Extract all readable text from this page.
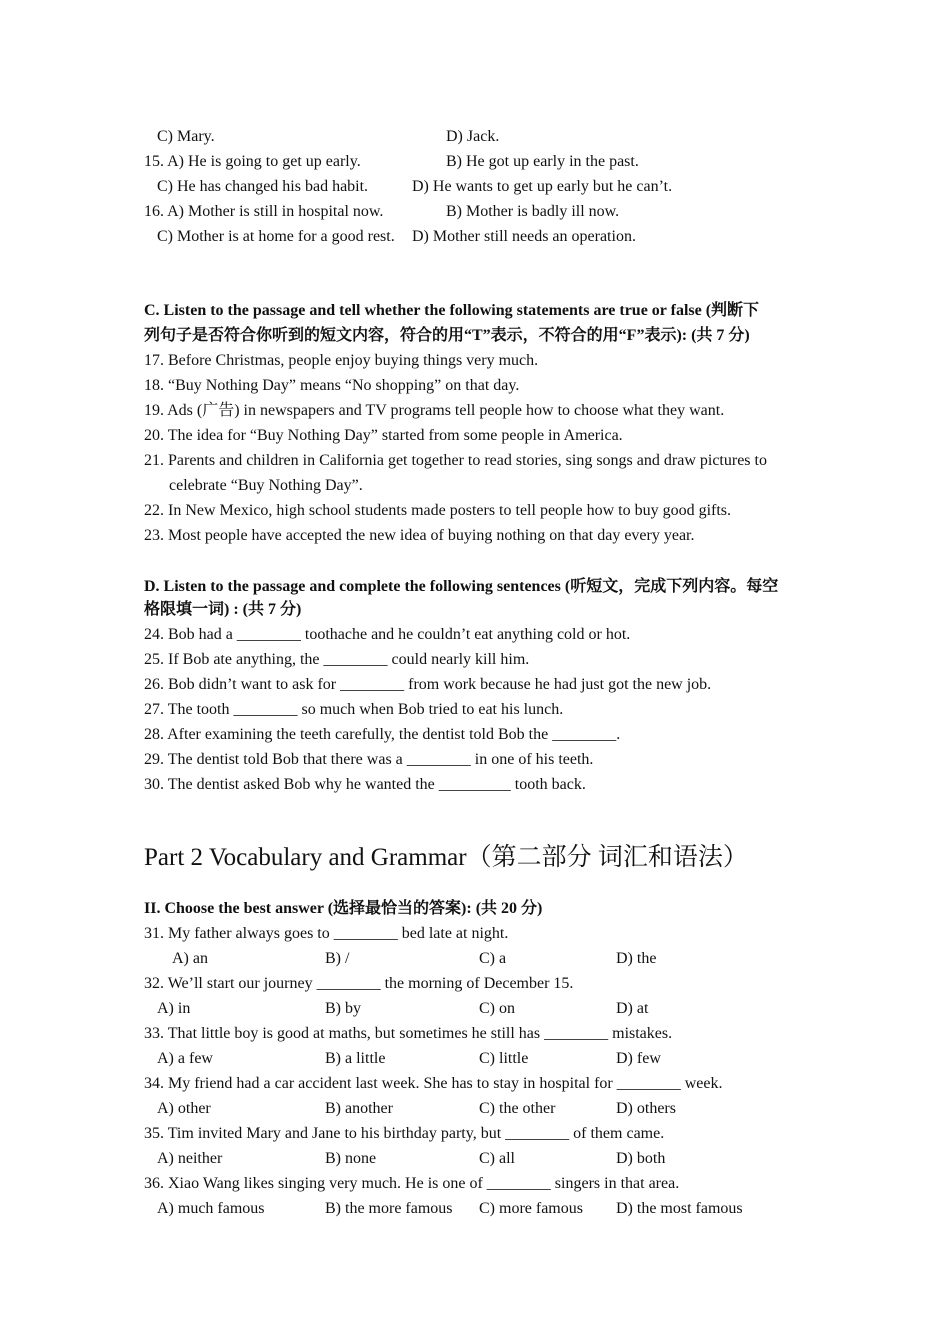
C) Mary.	D) Jack.
15. A) He is going to get up early.	B) He got up early in the past.
C) He has changed his bad habit.	D) He wants to get up early but he can’t.
16. A) Mother is still in hospital now.	B) Mother is badly ill now.
C) Mother is at home for a good rest. D) Mother still needs an operation.
C. Listen to the passage and tell whether the following statements are true or false (判断下
列句子是否符合你听到的短文内容，符合的用“T”表示，不符合的用“F”表示): (共 7 分)
17. Before Christmas, people enjoy buying things very much.
18. “Buy Nothing Day” means “No shopping” on that day.
19. Ads (广告) in newspapers and TV programs tell people how to choose what they want.
20. The idea for “Buy Nothing Day” started from some people in America.
21. Parents and children in California get together to read stories, sing songs and draw pictures to
celebrate “Buy Nothing Day”.
22. In New Mexico, high school students made posters to tell people how to buy good gifts.
23. Most people have accepted the new idea of buying nothing on that day every year.
D. Listen to the passage and complete the following sentences (听短文，完成下列内容。每空
格限填一词) : (共 7 分)
24. Bob had a ________ toothache and he couldn’t eat anything cold or hot.
25. If Bob ate anything, the ________ could nearly kill him.
26. Bob didn’t want to ask for ________ from work because he had just got the new job.
27. The tooth ________ so much when Bob tried to eat his lunch.
28. After examining the teeth carefully, the dentist told Bob the ________.
29. The dentist told Bob that there was a ________ in one of his teeth.
30. The dentist asked Bob why he wanted the _________ tooth back.
Part 2 Vocabulary and Grammar（第二部分 词汇和语法）
II. Choose the best answer (选择最恰当的答案): (共 20 分)
31. My father always goes to ________ bed late at night.
A) an	B) /	C) a	D) the
32. We’ll start our journey ________ the morning of December 15.
A) in	B) by	C) on	D) at
33. That little boy is good at maths, but sometimes he still has ________ mistakes.
A) a few	B) a little	C) little	D) few
34. My friend had a car accident last week. She has to stay in hospital for ________ week.
A) other	B) another	C) the other	D) others
35. Tim invited Mary and Jane to his birthday party, but ________ of them came.
A) neither	B) none	C) all	D) both
36. Xiao Wang likes singing very much. He is one of ________ singers in that area.
A) much famous	B) the more famous C) more famous D) the most famous
